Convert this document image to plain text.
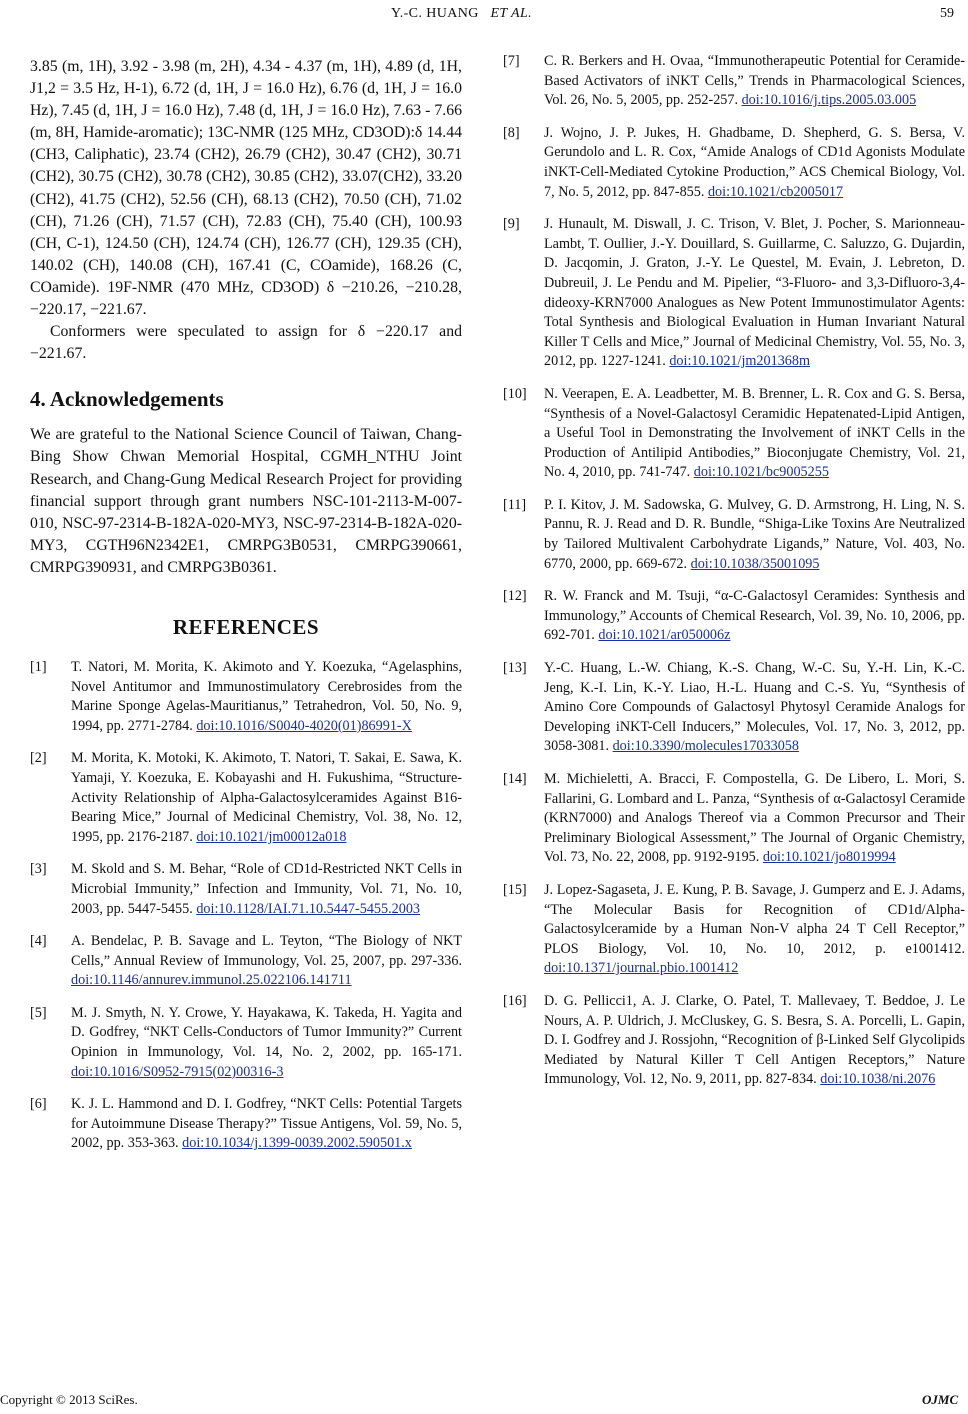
Y.-C. HUANG ET AL.	59

3.85 (m, 1H), 3.92 - 3.98 (m, 2H), 4.34 - 4.37 (m, 1H), 4.89 (d, 1H, J1,2 = 3.5 Hz, H-1), 6.72 (d, 1H, J = 16.0 Hz), 6.76 (d, 1H, J = 16.0 Hz), 7.45 (d, 1H, J = 16.0 Hz), 7.48 (d, 1H, J = 16.0 Hz), 7.63 - 7.66 (m, 8H, Hamide-aromatic); 13C-NMR (125 MHz, CD3OD):δ 14.44 (CH3, Caliphatic), 23.74 (CH2), 26.79 (CH2), 30.47 (CH2), 30.71 (CH2), 30.75 (CH2), 30.78 (CH2), 30.85 (CH2), 33.07(CH2), 33.20 (CH2), 41.75 (CH2), 52.56 (CH), 68.13 (CH2), 70.50 (CH), 71.02 (CH), 71.26 (CH), 71.57 (CH), 72.83 (CH), 75.40 (CH), 100.93 (CH, C-1), 124.50 (CH), 124.74 (CH), 126.77 (CH), 129.35 (CH), 140.02 (CH), 140.08 (CH), 167.41 (C, COamide), 168.26 (C, COamide). 19F-NMR (470 MHz, CD3OD) δ −210.26, −210.28, −220.17, −221.67.

Conformers were speculated to assign for δ −220.17 and −221.67.

4. Acknowledgements

We are grateful to the National Science Council of Taiwan, Chang-Bing Show Chwan Memorial Hospital, CGMH_NTHU Joint Research, and Chang-Gung Medical Research Project for providing financial support through grant numbers NSC-101-2113-M-007-010, NSC-97-2314-B-182A-020-MY3, NSC-97-2314-B-182A-020-MY3, CGTH96N2342E1, CMRPG3B0531, CMRPG390661, CMRPG390931, and CMRPG3B0361.

REFERENCES
[1]	T. Natori, M. Morita, K. Akimoto and Y. Koezuka, “Agelasphins, Novel Antitumor and Immunostimulatory Cerebrosides from the Marine Sponge Agelas-Mauritianus,” Tetrahedron, Vol. 50, No. 9, 1994, pp. 2771-2784. doi:10.1016/S0040-4020(01)86991-X
[2]	M. Morita, K. Motoki, K. Akimoto, T. Natori, T. Sakai, E. Sawa, K. Yamaji, Y. Koezuka, E. Kobayashi and H. Fukushima, “Structure-Activity Relationship of Alpha-Galactosylceramides Against B16-Bearing Mice,” Journal of Medicinal Chemistry, Vol. 38, No. 12, 1995, pp. 2176-2187. doi:10.1021/jm00012a018
[3]	M. Skold and S. M. Behar, “Role of CD1d-Restricted NKT Cells in Microbial Immunity,” Infection and Immunity, Vol. 71, No. 10, 2003, pp. 5447-5455. doi:10.1128/IAI.71.10.5447-5455.2003
[4]	A. Bendelac, P. B. Savage and L. Teyton, “The Biology of NKT Cells,” Annual Review of Immunology, Vol. 25, 2007, pp. 297-336. doi:10.1146/annurev.immunol.25.022106.141711
[5]	M. J. Smyth, N. Y. Crowe, Y. Hayakawa, K. Takeda, H. Yagita and D. Godfrey, “NKT Cells-Conductors of Tumor Immunity?” Current Opinion in Immunology, Vol. 14, No. 2, 2002, pp. 165-171. doi:10.1016/S0952-7915(02)00316-3
[6]	K. J. L. Hammond and D. I. Godfrey, “NKT Cells: Potential Targets for Autoimmune Disease Therapy?” Tissue Antigens, Vol. 59, No. 5, 2002, pp. 353-363. doi:10.1034/j.1399-0039.2002.590501.x
[7]	C. R. Berkers and H. Ovaa, “Immunotherapeutic Potential for Ceramide-Based Activators of iNKT Cells,” Trends in Pharmacological Sciences, Vol. 26, No. 5, 2005, pp. 252-257. doi:10.1016/j.tips.2005.03.005
[8]	J. Wojno, J. P. Jukes, H. Ghadbame, D. Shepherd, G. S. Bersa, V. Gerundolo and L. R. Cox, “Amide Analogs of CD1d Agonists Modulate iNKT-Cell-Mediated Cytokine Production,” ACS Chemical Biology, Vol. 7, No. 5, 2012, pp. 847-855. doi:10.1021/cb2005017
[9]	J. Hunault, M. Diswall, J. C. Trison, V. Blet, J. Pocher, S. Marionneau-Lambt, T. Oullier, J.-Y. Douillard, S. Guillarme, C. Saluzzo, G. Dujardin, D. Jacqomin, J. Graton, J.-Y. Le Questel, M. Evain, J. Lebreton, D. Dubreuil, J. Le Pendu and M. Pipelier, “3-Fluoro- and 3,3-Difluoro-3,4-dideoxy-KRN7000 Analogues as New Potent Immunostimulator Agents: Total Synthesis and Biological Evaluation in Human Invariant Natural Killer T Cells and Mice,” Journal of Medicinal Chemistry, Vol. 55, No. 3, 2012, pp. 1227-1241. doi:10.1021/jm201368m
[10]	N. Veerapen, E. A. Leadbetter, M. B. Brenner, L. R. Cox and G. S. Bersa, “Synthesis of a Novel-Galactosyl Ceramidic Hepatenated-Lipid Antigen, a Useful Tool in Demonstrating the Involvement of iNKT Cells in the Production of Antilipid Antibodies,” Bioconjugate Chemistry, Vol. 21, No. 4, 2010, pp. 741-747. doi:10.1021/bc9005255
[11]	P. I. Kitov, J. M. Sadowska, G. Mulvey, G. D. Armstrong, H. Ling, N. S. Pannu, R. J. Read and D. R. Bundle, “Shiga-Like Toxins Are Neutralized by Tailored Multivalent Carbohydrate Ligands,” Nature, Vol. 403, No. 6770, 2000, pp. 669-672. doi:10.1038/35001095
[12]	R. W. Franck and M. Tsuji, “α-C-Galactosyl Ceramides: Synthesis and Immunology,” Accounts of Chemical Research, Vol. 39, No. 10, 2006, pp. 692-701. doi:10.1021/ar050006z
[13]	Y.-C. Huang, L.-W. Chiang, K.-S. Chang, W.-C. Su, Y.-H. Lin, K.-C. Jeng, K.-I. Lin, K.-Y. Liao, H.-L. Huang and C.-S. Yu, “Synthesis of Amino Core Compounds of Galactosyl Phytosyl Ceramide Analogs for Developing iNKT-Cell Inducers,” Molecules, Vol. 17, No. 3, 2012, pp. 3058-3081. doi:10.3390/molecules17033058
[14]	M. Michieletti, A. Bracci, F. Compostella, G. De Libero, L. Mori, S. Fallarini, G. Lombard and L. Panza, “Synthesis of α-Galactosyl Ceramide (KRN7000) and Analogs Thereof via a Common Precursor and Their Preliminary Biological Assessment,” The Journal of Organic Chemistry, Vol. 73, No. 22, 2008, pp. 9192-9195. doi:10.1021/jo8019994
[15]	J. Lopez-Sagaseta, J. E. Kung, P. B. Savage, J. Gumperz and E. J. Adams, “The Molecular Basis for Recognition of CD1d/Alpha-Galactosylceramide by a Human Non-V alpha 24 T Cell Receptor,” PLOS Biology, Vol. 10, No. 10, 2012, p. e1001412. doi:10.1371/journal.pbio.1001412
[16]	D. G. Pellicci1, A. J. Clarke, O. Patel, T. Mallevaey, T. Beddoe, J. Le Nours, A. P. Uldrich, J. McCluskey, G. S. Besra, S. A. Porcelli, L. Gapin, D. I. Godfrey and J. Rossjohn, “Recognition of β-Linked Self Glycolipids Mediated by Natural Killer T Cell Antigen Receptors,” Nature Immunology, Vol. 12, No. 9, 2011, pp. 827-834. doi:10.1038/ni.2076
Copyright © 2013 SciRes.	OJMC
